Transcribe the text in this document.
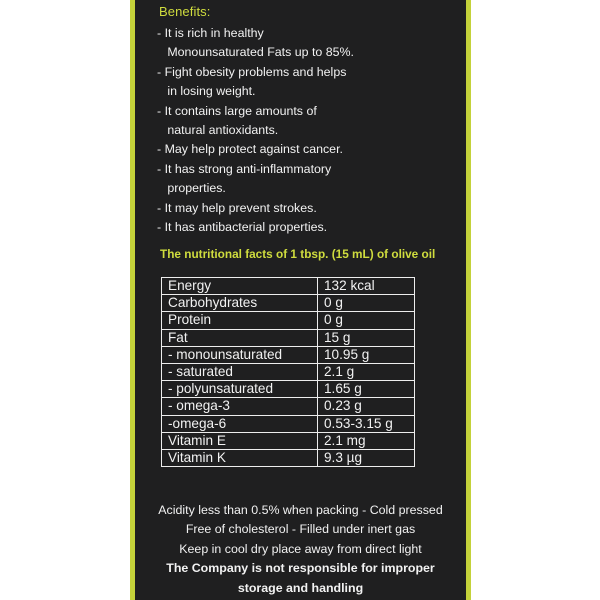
Benefits:
- It is rich in healthy
Monounsaturated Fats up to 85%.
- Fight obesity problems and helps
in losing weight.
- It contains large amounts of
natural antioxidants.
- May help protect against cancer.
- It has strong anti-inflammatory
properties.
- It may help prevent strokes.
- It has antibacterial properties.
The nutritional facts of 1 tbsp. (15 mL) of olive oil
Energy	132 kcal
Carbohydrates	0 g
Protein	0 g
Fat	15 g
- monounsaturated	10.95 g
- saturated	2.1 g
- polyunsaturated	1.65 g
- omega-3	0.23 g
-omega-6	0.53-3.15 g
Vitamin E	2.1 mg
Vitamin K	9.3 µg
Acidity less than 0.5% when packing - Cold pressed
Free of cholesterol - Filled under inert gas
Keep in cool dry place away from direct light
The Company is not responsible for improper
storage and handling
